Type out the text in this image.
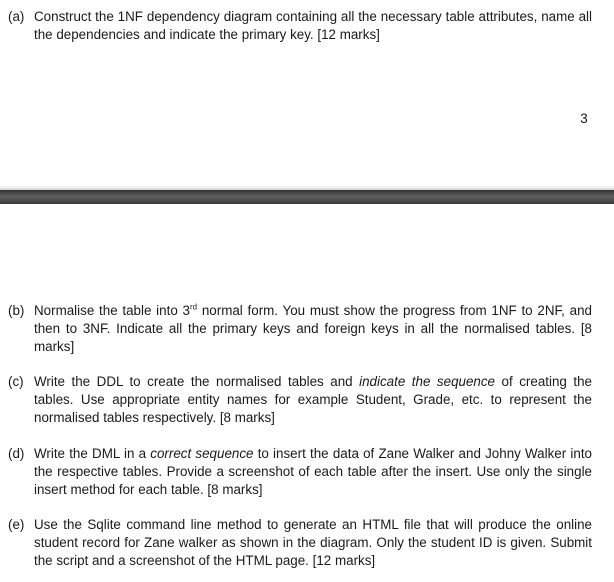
(a) Construct the 1NF dependency diagram containing all the necessary table attributes, name all the dependencies and indicate the primary key. [12 marks]
3
(b) Normalise the table into 3rd normal form. You must show the progress from 1NF to 2NF, and then to 3NF. Indicate all the primary keys and foreign keys in all the normalised tables. [8 marks]
(c) Write the DDL to create the normalised tables and indicate the sequence of creating the tables. Use appropriate entity names for example Student, Grade, etc. to represent the normalised tables respectively. [8 marks]
(d) Write the DML in a correct sequence to insert the data of Zane Walker and Johny Walker into the respective tables. Provide a screenshot of each table after the insert. Use only the single insert method for each table. [8 marks]
(e) Use the Sqlite command line method to generate an HTML file that will produce the online student record for Zane walker as shown in the diagram. Only the student ID is given. Submit the script and a screenshot of the HTML page. [12 marks]
